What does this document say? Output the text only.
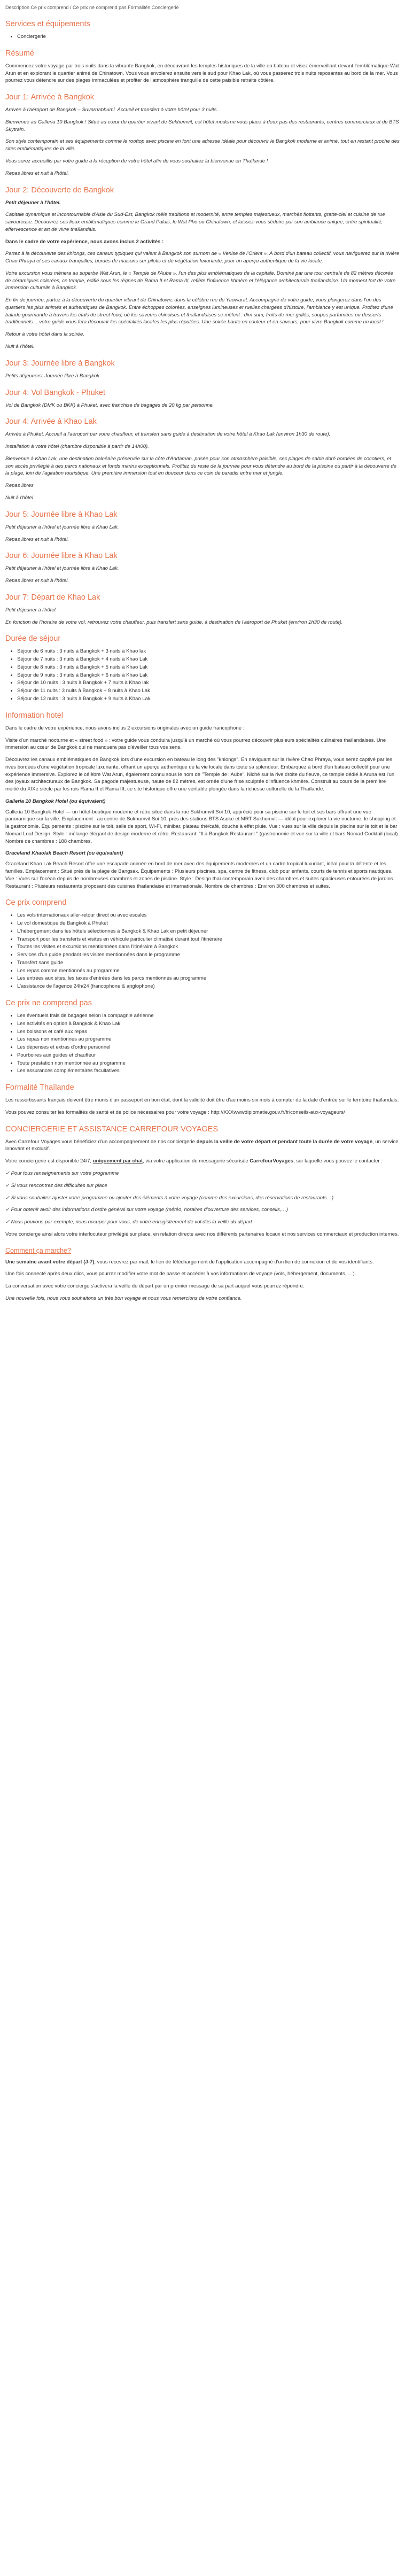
Description Ce prix comprend / Ce prix ne comprend pas Formalités Conciergerie
Services et équipements
• Conciergerie
Résumé

Commencez votre voyage par trois nuits dans la vibrante Bangkok, en découvrant les temples historiques de la ville en bateau et visez émerveillant devant l'emblématique Wat Arun et en explorant le quartier animé de Chinatown. Vous vous envolerez ensuite vers le sud pour Khao Lak, où vous passerez trois nuits reposantes au bord de la mer. Vous pourrez vous détendre sur des plages immaculées et profiter de l'atmosphère tranquille de cette paisible retraite côtière.

Jour 1: Arrivée à Bangkok

Arrivée à l'aéroport de Bangkok – Suvarnabhumi. Accueil et transfert à votre hôtel pour 3 nuits.

Bienvenue au Galleria 10 Bangkok ! Situé au cœur du quartier vivant de Sukhumvit, cet hôtel moderne vous place à deux pas des restaurants, centres commerciaux et du BTS Skytrain.

Son style contemporain et ses équipements comme le rooftop avec piscine en font une adresse idéale pour découvrir le Bangkok moderne et animé, tout en restant proche des sites emblématiques de la ville.

Vous serez accueillis par votre guide à la réception de votre hôtel afin de vous souhaitez la bienvenue en Thaïlande !

Repas libres et nuit à l'hôtel.

Jour 2: Découverte de Bangkok

Petit déjeuner à l'hôtel.

Capitale dynamique et incontournable d'Asie du Sud-Est, Bangkok mêle traditions et modernité, entre temples majestueux, marchés flottants, gratte-ciel et cuisine de rue savoureuse. Découvrez ses lieux emblématiques comme le Grand Palais, le Wat Pho ou Chinatown, et laissez-vous séduire par son ambiance unique, entre spiritualité, effervescence et art de vivre thaïlandais.

Dans le cadre de votre expérience, nous avons inclus 2 activités :

Partez à la découverte des khlongs, ces canaux typiques qui valent à Bangkok son surnom de « Venise de l'Orient ». À bord d'un bateau collectif, vous naviguerez sur la rivière Chao Phraya et ses canaux tranquilles, bordés de maisons sur pilotis et de végétation luxuriante, pour un aperçu authentique de la vie locale.

Votre excursion vous mènera au superbe Wat Arun, le « Temple de l'Aube », l'un des plus emblématiques de la capitale. Dominé par une tour centrale de 82 mètres décorée de céramiques colorées, ce temple, édifié sous les règnes de Rama II et Rama III, reflète l'influence khmère et l'élégance architecturale thaïlandaise. Un moment fort de votre immersion culturelle à Bangkok.

En fin de journée, partez à la découverte du quartier vibrant de Chinatown, dans la célèbre rue de Yaowarat. Accompagné de votre guide, vous plongerez dans l'un des quartiers les plus animés et authentiques de Bangkok. Entre échoppes colorées, enseignes lumineuses et ruelles chargées d'histoire, l'ambiance y est unique. Profitez d'une balade gourmande à travers les étals de street food, où les saveurs chinoises et thaïlandaises se mêlent : dim sum, fruits de mer grillés, soupes parfumées ou desserts traditionnels… votre guide vous fera découvrir les spécialités locales les plus réputées. Une soirée haute en couleur et en saveurs, pour vivre Bangkok comme un local !

Retour à votre hôtel dans la soirée.

Nuit à l'hôtel.

Jour 3: Journée libre à Bangkok

Petits déjeuners: Journée libre à Bangkok.

Jour 4: Vol Bangkok - Phuket

Vol de Bangkok (DMK ou BKK) à Phuket, avec franchise de bagages de 20 kg par personne.

Jour 4: Arrivée à Khao Lak

Arrivée à Phuket. Accueil à l'aéroport par votre chauffeur, et transfert sans guide à destination de votre hôtel à Khao Lak (environ 1h30 de route).

Installation à votre hôtel (chambre disponible à partir de 14h00).

Bienvenue à Khao Lak, une destination balnéaire préservée sur la côte d'Andaman, prisée pour son atmosphère paisible, ses plages de sable doré bordées de cocotiers, et son accès privilégié à des parcs nationaux et fonds marins exceptionnels. Profitez du reste de la journée pour vous détendre au bord de la piscine ou partir à la découverte de la plage, loin de l'agitation touristique. Une première immersion tout en douceur dans ce coin de paradis entre mer et jungle.

Repas libres

Nuit à l'hôtel

Jour 5: Journée libre à Khao Lak

Petit déjeuner à l'hôtel et journée libre à Khao Lak.

Repas libres et nuit à l'hôtel.

Jour 6: Journée libre à Khao Lak

Petit déjeuner à l'hôtel et journée libre à Khao Lak.

Repas libres et nuit à l'hôtel.

Jour 7: Départ de Khao Lak

Petit déjeuner à l'hôtel.

En fonction de l'horaire de votre vol, retrouvez votre chauffeur, puis transfert sans guide, à destination de l'aéroport de Phuket (environ 1h30 de route).

Durée de séjour
• Séjour de 6 nuits : 3 nuits à Bangkok + 3 nuits à Khao lak
• Séjour de 7 nuits : 3 nuits à Bangkok + 4 nuits à Khao Lak
• Séjour de 8 nuits : 3 nuits à Bangkok + 5 nuits à Khao Lak
• Séjour de 9 nuits : 3 nuits à Bangkok + 6 nuits à Khao Lak
• Séjour de 10 nuits : 3 nuits à Bangkok + 7 nuits à Khao lak
• Séjour de 11 nuits : 3 nuits à Bangkok + 8 nuits à Khao Lak
• Séjour de 12 nuits : 3 nuits à Bangkok + 9 nuits à Khao Lak
Information hotel

Dans le cadre de votre expérience, nous avons inclus 2 excursions originales avec un guide francophone :

Visite d'un marché nocturne et « street food » : votre guide vous conduira jusqu'à un marché où vous pourrez découvrir plusieurs spécialités culinaires thaïlandaises. Une immersion au cœur de Bangkok qui ne manquera pas d'éveiller tous vos sens.

Découvrez les canaux emblématiques de Bangkok lors d'une excursion en bateau le long des "khlongs". En naviguant sur la rivière Chao Phraya, vous serez captivé par les rives bordées d'une végétation tropicale luxuriante, offrant un aperçu authentique de la vie locale dans toute sa splendeur. Embarquez à bord d'un bateau collectif pour une expérience immersive. Explorez le célèbre Wat Arun, également connu sous le nom de "Temple de l'Aube". Niché sur la rive droite du fleuve, ce temple dédié à Aruna est l'un des joyaux architecturaux de Bangkok. Sa pagode majestueuse, haute de 82 mètres, est ornée d'une frise sculptée d'influence khmère. Construit au cours de la première moitié du XIXe siècle par les rois Rama II et Rama III, ce site historique offre une véritable plongée dans la richesse culturelle de la Thaïlande.

Galleria 10 Bangkok Hotel (ou équivalent)

Galleria 10 Bangkok Hotel — un hôtel-boutique moderne et rétro situé dans la rue Sukhumvit Soi 10, apprécié pour sa piscine sur le toit et ses bars offrant une vue panoramique sur la ville. Emplacement : au centre de Sukhumvit Soi 10, près des stations BTS Asoke et MRT Sukhumvit — idéal pour explorer la vie nocturne, le shopping et la gastronomie. Équipements : piscine sur le toit, salle de sport, Wi-Fi, minibar, plateau thé/café, douche à effet pluie. Vue : vues sur la ville depuis la piscine sur le toit et le bar Nomad Loaf Design. Style : mélange élégant de design moderne et rétro. Restaurant: "Il à Bangkok Restaurant " (gastronomie et vue sur la ville et bars Nomad Cocktail (local). Nombre de chambres : 188 chambres.

Graceland Khaolak Beach Resort (ou équivalent)

Graceland Khao Lak Beach Resort offre une escapade animée en bord de mer avec des équipements modernes et un cadre tropical luxuriant, idéal pour la détente et les familles. Emplacement : Situé près de la plage de Bangsak. Équipements : Plusieurs piscines, spa, centre de fitness, club pour enfants, courts de tennis et sports nautiques. Vue : Vues sur l'océan depuis de nombreuses chambres et zones de piscine. Style : Design thaï contemporain avec des chambres et suites spacieuses entourées de jardins. Restaurant : Plusieurs restaurants proposant des cuisines thaïlandaise et internationale. Nombre de chambres : Environ 300 chambres et suites.

Ce prix comprend
• Les vols internationaux aller-retour direct ou avec escales
• Le vol domestique de Bangkok à Phuket
• L'hébergement dans les hôtels sélectionnés à Bangkok & Khao Lak en petit déjeuner
• Transport pour les transferts et visites en véhicule particulier climatisé durant tout l'itinéraire
• Toutes les visites et excursions mentionnées dans l'itinéraire à Bangkok
• Services d'un guide pendant les visites mentionnées dans le programme
• Transfert sans guide
• Les repas comme mentionnés au programme
• Les entrées aux sites, les taxes d'entrées dans les parcs mentionnés au programme
• L'assistance de l'agence 24h/24 (francophone & anglophone)
Ce prix ne comprend pas
• Les éventuels frais de bagages selon la compagnie aérienne
• Les activités en option à Bangkok & Khao Lak
• Les boissons et café aux repas
• Les repas non mentionnés au programme
• Les dépenses et extras d'ordre personnel
• Pourboires aux guides et chauffeur
• Toute prestation non mentionnée au programme
• Les assurances complémentaires facultatives
Formalité Thaïlande

Les ressortissants français doivent être munis d'un passeport en bon état, dont la validité doit être d'au moins six mois à compter de la date d'entrée sur le territoire thaïlandais.

Vous pouvez consulter les formalités de santé et de police nécessaires pour votre voyage : http://XXXwwwdiplomatie.gouv.fr/fr/conseils-aux-voyageurs/

CONCIERGERIE ET ASSISTANCE CARREFOUR VOYAGES

Avec Carrefour Voyages vous bénéficiez d'un accompagnement de nos conciergerie depuis la veille de votre départ et pendant toute la durée de votre voyage, un service innovant et exclusif.

Votre conciergerie est disponible 24/7, uniquement par chat, via votre application de messagerie sécurisée CarrefourVoyages, sur laquelle vous pouvez le contacter :

✓ Pour tous renseignements sur votre programme

✓ Si vous rencontrez des difficultés sur place

✓ Si vous souhaitez ajuster votre programme ou ajouter des éléments à votre voyage (comme des excursions, des réservations de restaurants…)

✓ Pour obtenir avoir des informations d'ordre général sur votre voyage (météo, horaires d'ouverture des services, conseils,…)

✓ Nous pouvons par exemple, nous occuper pour vous, de votre enregistrement de vol dès la veille du départ

Votre concierge ainsi alors votre interlocuteur privilégié sur place, en relation directe avec nos différents partenaires locaux et nos services commerciaux et production internes.

Comment ça marche?

Une semaine avant votre départ (J-7), vous recevrez par mail, le lien de téléchargement de l'application accompagné d'un lien de connexion et de vos identifiants.

Une fois connecté après deux clics, vous pourrez modifier votre mot de passe et accéder à vos informations de voyage (vols, hébergement, documents, …).

La conversation avec votre concierge s'activera la veille du départ par un premier message de sa part auquel vous pourrez répondre.

Une nouvelle fois, nous vous souhaitons un très bon voyage et nous vous remercions de votre confiance.
